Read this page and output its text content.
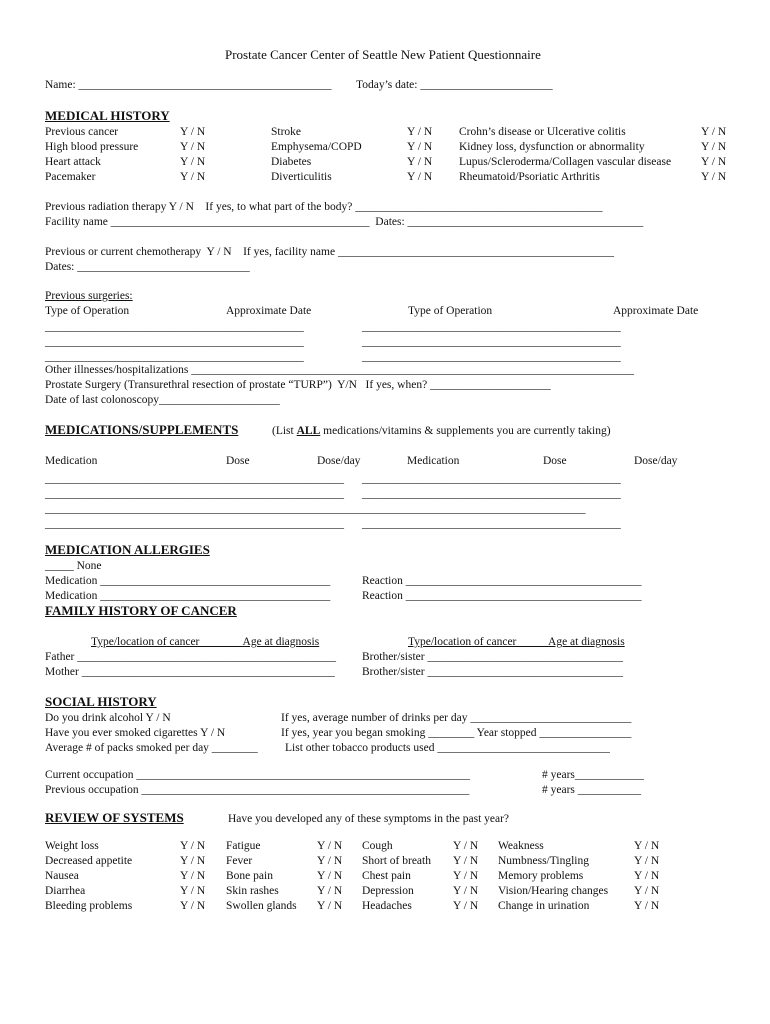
Prostate Cancer Center of Seattle New Patient Questionnaire
Name: ____________________________________________ Today’s date: _______________________
MEDICAL HISTORY
Previous cancer	Y / N
High blood pressure	Y / N
Heart attack	Y / N
Pacemaker	Y / N
Stroke	Y / N
Emphysema/COPD	Y / N
Diabetes	Y / N
Diverticulitis	Y / N
Crohn’s disease or Ulcerative colitis	Y / N
Kidney loss, dysfunction or abnormality	Y / N
Lupus/Scleroderma/Collagen vascular disease	Y / N
Rheumatoid/Psoriatic Arthritis	Y / N
Previous radiation therapy Y / N    If yes, to what part of the body? ___________________________________________
Facility name _____________________________________________  Dates: _________________________________________
Previous or current chemotherapy  Y / N    If yes, facility name ________________________________________________
Dates: ______________________________
Previous surgeries:
Type of Operation	Approximate Date	Type of Operation	Approximate Date
_____________________________________________	_____________________________________________
_____________________________________________	_____________________________________________
_____________________________________________	_____________________________________________
Other illnesses/hospitalizations _____________________________________________________________________________
Prostate Surgery (Transurethral resection of prostate “TURP”)  Y/N   If yes, when? _____________________
Date of last colonoscopy_____________________
MEDICATIONS/SUPPLEMENTS	(List ALL medications/vitamins & supplements you are currently taking)
Medication	Dose	Dose/day	Medication	Dose	Dose/day
____________________________________________________ _____________________________________________
____________________________________________________ _____________________________________________
______________________________________________________________________________________________
____________________________________________________ _____________________________________________
MEDICATION ALLERGIES
_____ None
Medication ________________________________________	Reaction _________________________________________
Medication ________________________________________	Reaction _________________________________________
FAMILY HISTORY OF CANCER
Type/location of cancer_____ __Age at diagnosis	Type/location of cancer _____Age at diagnosis
Father _____________________________________________ Brother/sister __________________________________
Mother ____________________________________________ Brother/sister __________________________________
SOCIAL HISTORY
Do you drink alcohol Y / N	If yes, average number of drinks per day ____________________________
Have you ever smoked cigarettes Y / N	If yes, year you began smoking ________ Year stopped ________________
Average # of packs smoked per day ________ List other tobacco products used ______________________________
Current occupation __________________________________________________________	# years____________
Previous occupation _________________________________________________________	# years ___________
REVIEW OF SYSTEMS	Have you developed any of these symptoms in the past year?
Weight loss	Y / N
Decreased appetite	Y / N
Nausea	Y / N
Diarrhea	Y / N
Bleeding problems	Y / N
Fatigue	Y / N
Fever	Y / N
Bone pain	Y / N
Skin rashes	Y / N
Swollen glands Y / N
Cough	Y / N
Short of breath Y / N
Chest pain	Y / N
Depression	Y / N
Headaches	Y / N
Weakness	Y / N
Numbness/Tingling	Y / N
Memory problems	Y / N
Vision/Hearing changes Y / N
Change in urination	Y / N
